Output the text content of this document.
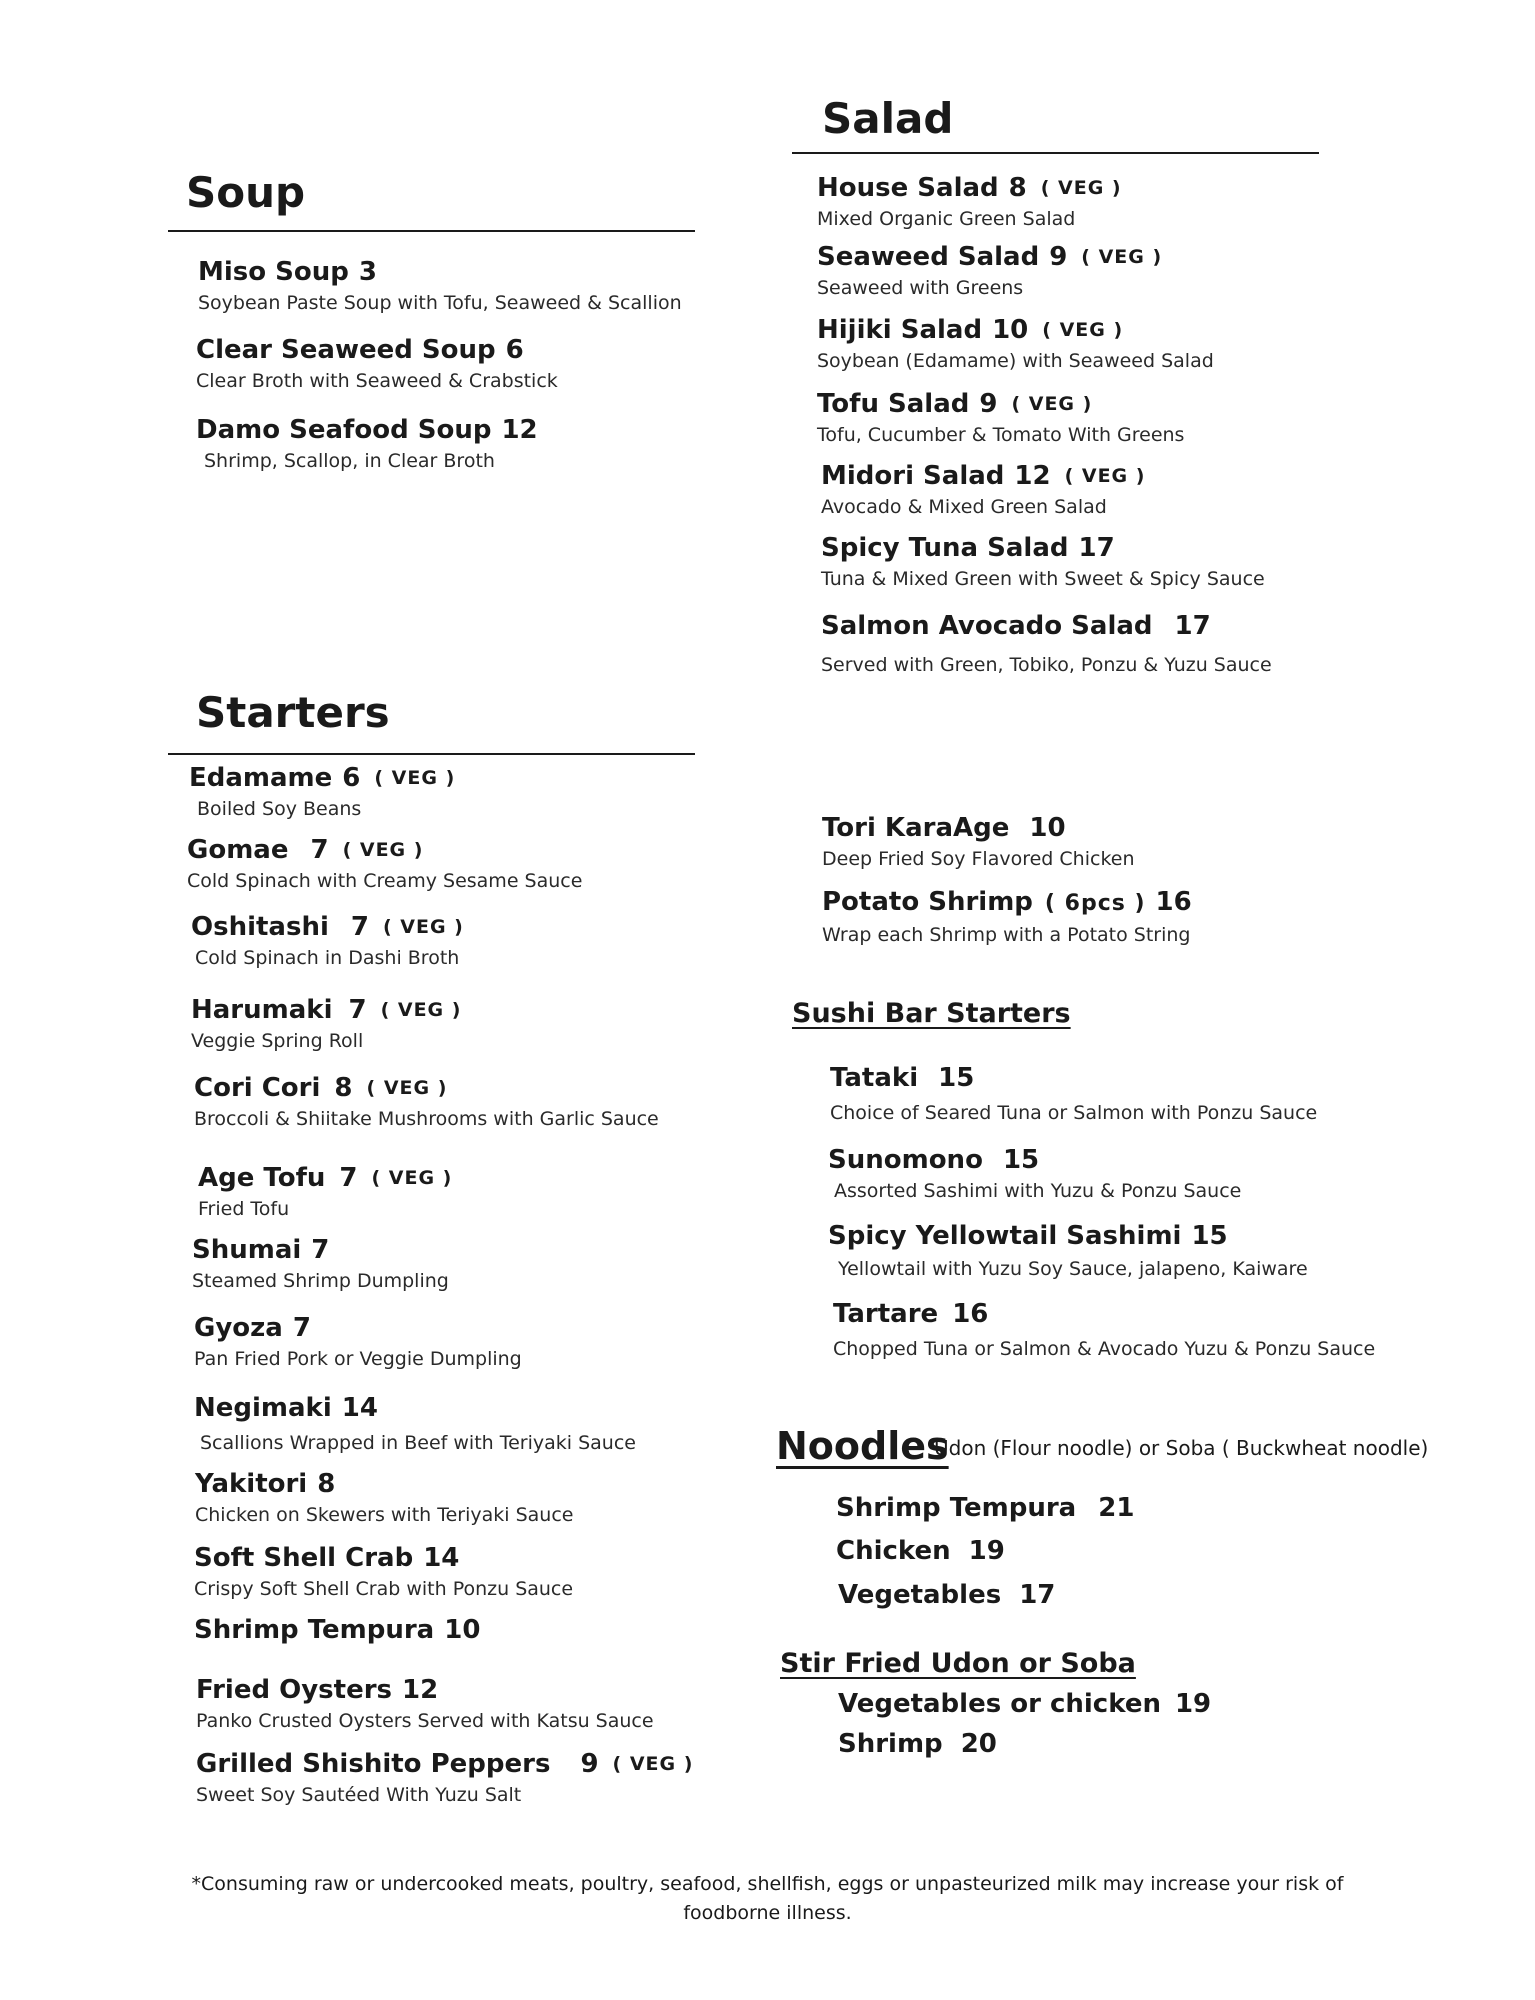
Soup
Miso Soup 3
Soybean Paste Soup with Tofu, Seaweed & Scallion
Clear Seaweed Soup 6
Clear Broth with Seaweed & Crabstick
Damo Seafood Soup 12
Shrimp, Scallop, in Clear Broth
Salad
House Salad 8 ( VEG )
Mixed Organic Green Salad
Seaweed Salad 9 ( VEG )
Seaweed with Greens
Hijiki Salad 10 ( VEG )
Soybean (Edamame) with Seaweed Salad
Tofu Salad 9 ( VEG )
Tofu, Cucumber & Tomato With Greens
Midori Salad 12 ( VEG )
Avocado & Mixed Green Salad
Spicy Tuna Salad 17
Tuna & Mixed Green with Sweet & Spicy Sauce
Salmon Avocado Salad 17
Served with Green, Tobiko, Ponzu & Yuzu Sauce
Starters
Edamame 6 ( VEG )
Boiled Soy Beans
Gomae 7 ( VEG )
Cold Spinach with Creamy Sesame Sauce
Oshitashi 7 ( VEG )
Cold Spinach in Dashi Broth
Harumaki 7 ( VEG )
Veggie Spring Roll
Cori Cori 8 ( VEG )
Broccoli & Shiitake Mushrooms with Garlic Sauce
Age Tofu 7 ( VEG )
Fried Tofu
Shumai 7
Steamed Shrimp Dumpling
Gyoza 7
Pan Fried Pork or Veggie Dumpling
Negimaki 14
Scallions Wrapped in Beef with Teriyaki Sauce
Yakitori 8
Chicken on Skewers with Teriyaki Sauce
Soft Shell Crab 14
Crispy Soft Shell Crab with Ponzu Sauce
Shrimp Tempura 10
Fried Oysters 12
Panko Crusted Oysters Served with Katsu Sauce
Grilled Shishito Peppers 9 ( VEG )
Sweet Soy Sautéed With Yuzu Salt
Tori KaraAge 10
Deep Fried Soy Flavored Chicken
Potato Shrimp ( 6pcs ) 16
Wrap each Shrimp with a Potato String
Sushi Bar Starters
Tataki 15
Choice of Seared Tuna or Salmon with Ponzu Sauce
Sunomono 15
Assorted Sashimi with Yuzu & Ponzu Sauce
Spicy Yellowtail Sashimi 15
Yellowtail with Yuzu Soy Sauce, jalapeno, Kaiware
Tartare 16
Chopped Tuna or Salmon & Avocado Yuzu & Ponzu Sauce
Noodles
Udon (Flour noodle) or Soba ( Buckwheat noodle)
Shrimp Tempura 21
Chicken 19
Vegetables 17
Stir Fried Udon or Soba
Vegetables or chicken 19
Shrimp 20
*Consuming raw or undercooked meats, poultry, seafood, shellfish, eggs or unpasteurized milk may increase your risk of foodborne illness.
